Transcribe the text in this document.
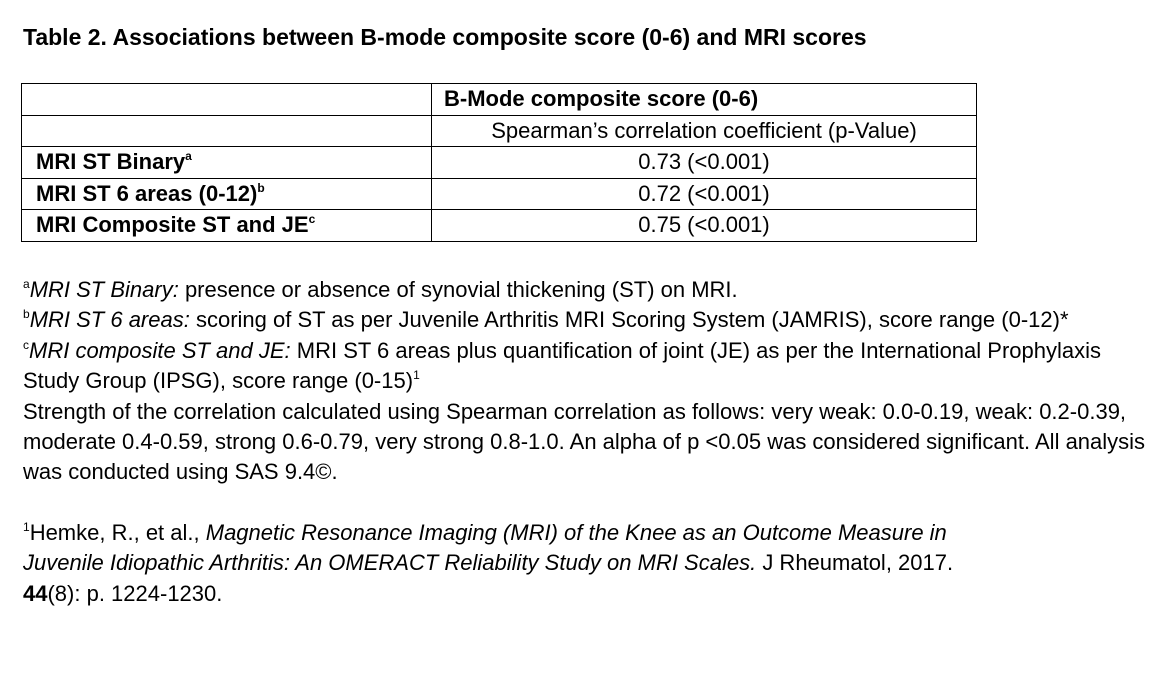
Table 2. Associations between B-mode composite score (0-6) and MRI scores
	B-Mode composite score (0-6)
	Spearman’s correlation coefficient (p-Value)
MRI ST Binary$^a$	0.73 (<0.001)
MRI ST 6 areas $(0-12)^b$	0.72 (<0.001)
MRI Composite ST and $JE^c$	0.75 (<0.001)

$^a$MRI ST Binary: presence or absence of synovial thickening (ST) on MRI.

$^b$MRI ST 6 areas: scoring of ST as per Juvenile Arthritis MRI Scoring System (JAMRIS), score range (0-12)*

$^c$MRI composite ST and JE: MRI ST 6 areas plus quantification of joint (JE) as per the International Prophylaxis Study Group (IPSG), score range $(0-15)^1$

Strength of the correlation calculated using Spearman correlation as follows: very weak: 0.0-0.19, weak: 0.2-0.39, moderate 0.4-0.59, strong 0.6-0.79, very strong 0.8-1.0. An alpha of p <0.05 was considered significant. All analysis was conducted using SAS 9.4©.

$^1$Hemke, R., et al., Magnetic Resonance Imaging (MRI) of the Knee as an Outcome Measure in
Juvenile Idiopathic Arthritis: An OMERACT Reliability Study on MRI Scales. J Rheumatol, 2017.
44(8): p. 1224-1230.
